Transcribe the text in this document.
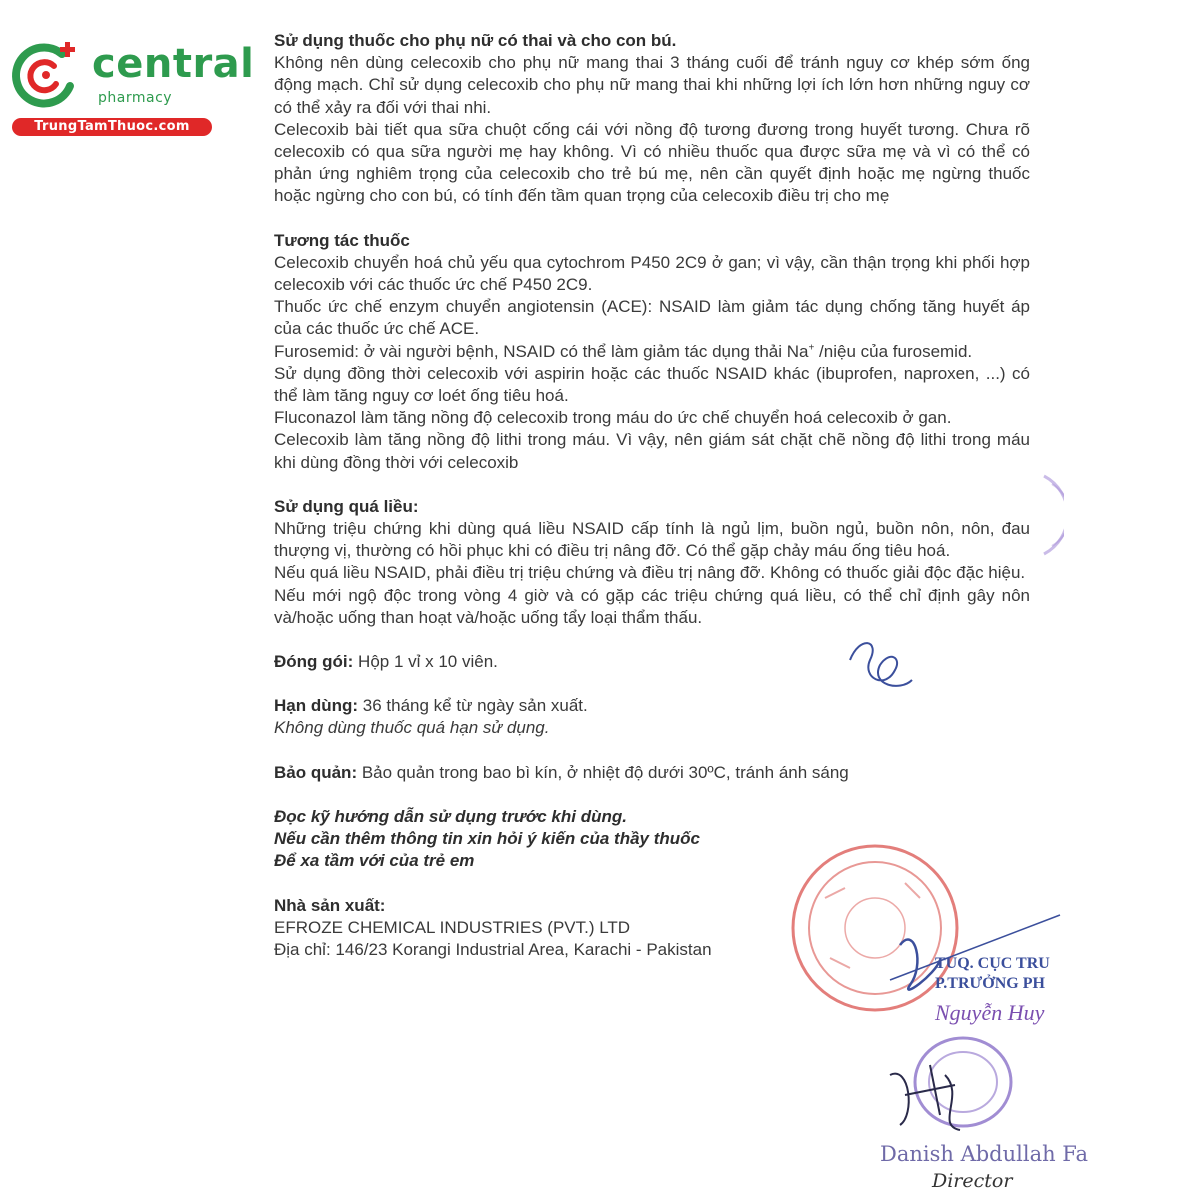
central
pharmacy
TrungTamThuoc.com

Sử dụng thuốc cho phụ nữ có thai và cho con bú.

Không nên dùng celecoxib cho phụ nữ mang thai 3 tháng cuối để tránh nguy cơ khép sớm ống động mạch. Chỉ sử dụng celecoxib cho phụ nữ mang thai khi những lợi ích lớn hơn những nguy cơ có thể xảy ra đối với thai nhi.

Celecoxib bài tiết qua sữa chuột cống cái với nồng độ tương đương trong huyết tương. Chưa rõ celecoxib có qua sữa người mẹ hay không. Vì có nhiều thuốc qua được sữa mẹ và vì có thể có phản ứng nghiêm trọng của celecoxib cho trẻ bú mẹ, nên cần quyết định hoặc mẹ ngừng thuốc hoặc ngừng cho con bú, có tính đến tầm quan trọng của celecoxib điều trị cho mẹ

Tương tác thuốc

Celecoxib chuyển hoá chủ yếu qua cytochrom P450 2C9 ở gan; vì vậy, cần thận trọng khi phối hợp celecoxib với các thuốc ức chế P450 2C9.

Thuốc ức chế enzym chuyển angiotensin (ACE): NSAID làm giảm tác dụng chống tăng huyết áp của các thuốc ức chế ACE.

Furosemid: ở vài người bệnh, NSAID có thể làm giảm tác dụng thải Na+ /niệu của furosemid.

Sử dụng đồng thời celecoxib với aspirin hoặc các thuốc NSAID khác (ibuprofen, naproxen, ...) có thể làm tăng nguy cơ loét ống tiêu hoá.

Fluconazol làm tăng nồng độ celecoxib trong máu do ức chế chuyển hoá celecoxib ở gan.

Celecoxib làm tăng nồng độ lithi trong máu. Vì vậy, nên giám sát chặt chẽ nồng độ lithi trong máu khi dùng đồng thời với celecoxib

Sử dụng quá liều:

Những triệu chứng khi dùng quá liều NSAID cấp tính là ngủ lịm, buồn ngủ, buồn nôn, nôn, đau thượng vị, thường có hồi phục khi có điều trị nâng đỡ. Có thể gặp chảy máu ống tiêu hoá.

Nếu quá liều NSAID, phải điều trị triệu chứng và điều trị nâng đỡ. Không có thuốc giải độc đặc hiệu.

Nếu mới ngộ độc trong vòng 4 giờ và có gặp các triệu chứng quá liều, có thể chỉ định gây nôn và/hoặc uống than hoạt và/hoặc uống tẩy loại thẩm thấu.

Đóng gói: Hộp 1 vỉ x 10 viên.

Hạn dùng: 36 tháng kể từ ngày sản xuất.

Không dùng thuốc quá hạn sử dụng.

Bảo quản: Bảo quản trong bao bì kín, ở nhiệt độ dưới 30ºC, tránh ánh sáng

Đọc kỹ hướng dẫn sử dụng trước khi dùng.

Nếu cần thêm thông tin xin hỏi ý kiến của thầy thuốc

Để xa tầm với của trẻ em

Nhà sản xuất:

EFROZE CHEMICAL INDUSTRIES (PVT.) LTD

Địa chỉ: 146/23 Korangi Industrial Area, Karachi - Pakistan

TUQ. CỤC TRU
P.TRƯỞNG PH
Nguyễn Huy
Danish Abdullah Fa
Director
